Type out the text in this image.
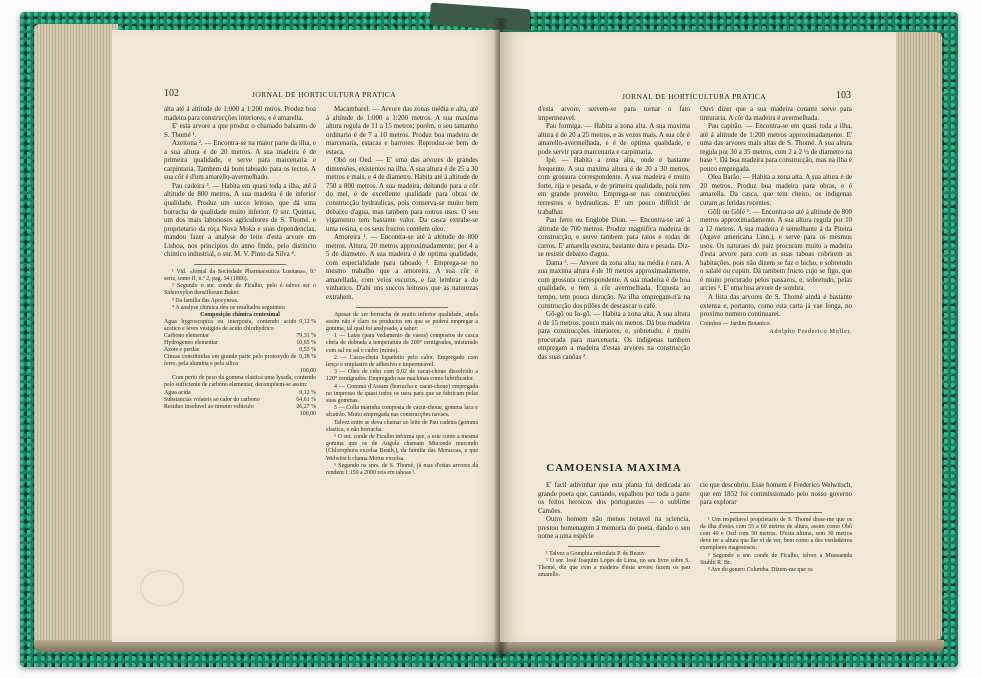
102	JORNAL DE HORTICULTURA PRATICA

alta até á altitude de 1:000 a 1:200 mtros. Produz boa madeira para construcções interiores, e é amarella.

E' esta arvore a que produz o chamado balsamo de S. Thomé ¹.

Azeitona ². — Encontra-se na maior parte da ilha, e a sua altura é de 20 metros. A sua madeira é de primeira qualidade, e serve para marcenaria e carpintaria. Tambem dá bom taboado para os tectos. A sua côr é d'um amarello-avermelhado.

Pau cadeira ³. — Habita em quasi toda a ilha, até á altitude de 800 metros. A sua madeira é de inferior qualidade. Produz um succo leitoso, que dá uma borracha de qualidade muito inferior. O snr. Quintas, um dos mais laboriosos agricultores de S. Thomé, e proprietario da roça Nova Moka e suas dependencias, mandou fazer a analyse do leite d'esta arvore em Lisboa, nos principios do anno findo, pelo distincto chimico industrial, o snr. M. V. Pinto da Silva ⁴.

¹ Vid. «Jornal da Sociedade Pharmaceutica Lusitana», 9.ª serie, tomo II, n.º 2, pag. 34 (1886).

² Segundo o snr. conde de Ficalho, pelo é talvez ser o Sideroxylon densiflorum Baker.

³ Da familia das Apocyneas.

⁴ A analyse chimica deu os resultados seguintes:

Composição chimica centesimal

Agua hygroscopica ou interposta, contendo acido acetico e leves vestigios de acido chlorhydrico	9,12 %
Carbono elementar	79,31 %
Hydrogeneo elementar	10,65 %
Azote e perdas	0,53 %
Cinzas constituidas em grande parte pelo protoxydo de ferro, pela alumina e pela silica	0,38 %
	100,00

Com perto de peso da gomma elastica uma lysada, contendo pelo sufficiente de carbono elementar, decompõem-se assim:

Agua acida	9,12 %
Substancias volateis ao calor do carbono	64,61 %
Residuo insoluvel ao mesmo vehiculo	26,27 %
	100,00

Macambarel. — Arvore das zonas média e alta, até á altitude de 1:000 a 1:200 metros. A sua maxima altura regula de 11 a 15 metros; porém, o seu tamanho ordinario é de 7 a 10 metros. Produz boa madeira de marcenaria, estacas e barrotes. Reproduz-se bem de estaca.

Obó ou Oed. — E' uma das arvores de grandes dimensões, existentes na ilha. A sua altura é de 25 a 30 metros e mais, e 4 de diametro. Habita até á altitude de 750 a 800 metros. A sua madeira, deitando para a côr do mel, é de excellente qualidade para obras de construcção hydraulicas, pois conserva-se muito bem debaixo d'agua, mas tambem para outros usos. O seu vigamento tem bastante valor. Da casca extrahe-se uma resina, e os seus fructos contêem oleo.

Amoreira ¹. — Encontra-se até á altitude de 800 metros. Altura, 20 metros approximadamente; por 4 a 5 de diametro. A sua madeira é de optima qualidade, com especialidade para taboado ². Emprega-se no mesmo trabalho que a amoreira. A sua côr é amarellada, com veios escuros, e faz lembrar a do vinhatico. D'ahi uns succos leitosos que as naturezas extrahem.

Apesar de ser borracha de muito inferior qualidade, ainda assim não é claro os productos em que se poderá empregar a gomma, tal qual foi analysada, a saber:

1 — Latas (para vedamento de vasos) compostos de casca cheia de dobrada a temperatura de 200° centigrados, misturado com sal ou sal e carbo (mínio).

2 — Casca-cheia liquefeito pelo calor. Empregado com lenço e emplastro de adhesivo e impermeavel.

3 — Oleo de cebo com 0,02 de cacut-choue dissolvido a 120° centigrados. Empregado nas machinas como lubrificador.

4 — Gomma d'Assam (borracha e cacut-choue) empregada no impresso de quasi todos os usos para que se fabricam pelas suas gommas.

5 — Colla marinha composta de cacut-choue, gomma laca e alcatrão. Muito empregada nas construcções navaes.

Talvez entre se deva chamar ao leite de Pau cadeira (gomma elastica, e não borracha.

⁵ O snr. conde de Ficalho informa que, a este como a mesma gomma que os de Angola chamam Mucondo mucondo (Chlorophora excelsa Benth.), da familia das Moraceas, e que Welwitsch chama Morus excelsa.

⁶ Segundo os snrs. de S. Thomé, já mas d'estas arvores dá rendem 1:150 a 2000 reis em taboas ¹.

JORNAL DE HORTICULTURA PRATICA	103

d'esta arvore, servem-se para tornar o fato impermeavel.

Pau formiga. — Habita a zona alta. A sua maxima altura é de 20 a 25 metros, e ás vezes mais. A sua côr é amarello-avermelhada, e é de optima qualidade, e pode servir para marcenaria e carpintaria.

Ipé. — Habita a zona alta, onde é bastante frequente. A sua maxima altura é de 20 a 30 metros, com grossura correspondente. A sua madeira é muito forte, rija e pesada, e de primeira qualidade, pois tem em grande proveito. Emprega-se nas construcções terrestres e hydraulicas. E' um pouco difficil de trabalhar.

Pau ferro ou Englobe Dion. — Encontra-se até á altitude de 700 metros. Produz magnifica madeira de construcção, e serve tambem para raios e rodas de carros. E' amarella escura, bastante dura e pesada. Diz-se resistir debaixo d'agua.

Dama ³. — Arvore da zona alta; na média é rara. A sua maxima altura é de 10 metros approximadamente, com grossura correspondente. A sua madeira é de boa qualidade, e tem a côr avermelhada. Exposta ao tempo, tem pouca duração. Na ilha empregam-n'a na construcção dos pilões de descascar o café.

Gô-gô ou Io-gô. — Habita a zona alta. A sua altura é de 15 metros, pouco mais ou menos. Dá boa madeira para construcções interiores, e, sobretudo, é muito procurada para marcenaria. Os indigenas tambem empregam a madeira d'estas arvores na construcção das suas canôas ³.

Ouvi dizer que a sua madeira corante serve para tinturaria. A côr da madeira é avermelhada.

Pau capitão. — Encontra-se em quasi toda a ilha, até á altitude de 1:200 metros approximadamente. E' uma das arvores mais altas de S. Thomé. A sua altura regula por 30 a 35 metros, com 2 a 2 ½ de diametro na base ¹. Dá boa madeira para construcção, mas na ilha é pouco empregada.

Olea Barão. — Habita a zona alta. A sua altura é de 20 metros. Produz boa madeira para obras, e é amarella. Da casca, que tem cheiro, os indigenas curam as feridas recentes.

Gôfi ou Gôfé ². — Encontra-se até á altitude de 800 metros approximadamente. A sua altura regula por 10 a 12 metros. A sua madeira é semelhante á da Piteira (Agave americana Linn.), e serve para os mesmos usos. Os naturaes do paiz procuram muito a madeira d'esta arvore para com as suas taboas cobrirem as habitações, pois não dizem se faz o bicho, e sobretudo o salalé ou cupim. Dá tambem fructo cujo se figo, que é muito procurado pelos passaros, e, sobretudo, pelas arcies ³. E' uma boa arvore de sombra.

A lista das arvores de S. Thomé ainda é bastante extensa e, portanto, como esta carta já vae longa, no proximo numero continuarei.

Coimbra — Jardim Botanico.

Adolpho Frederico Moller.
CAMOENSIA MAXIMA

E' facil adivinhar que esta planta foi dedicada ao grande poeta que, cantando, espalhou por toda a parte os feitos heroicos dos portuguezes — o sublime Camões.

Outro homem não menos notavel na sciencia, prestou homenagem á memoria do poeta, dando o seu nome a uma espécie

¹ Talvez a Gomphia reticulata P. de Beauv.

² O snr. José Joaquim Lopes de Lima, no seu livro sobre S. Thomé, diz que com a madeira d'esta arvore fazem os pau amarello.

cie que descobriu. Esse homem é Frederico Welwitsch, que em 1852 foi commissionado pelo nosso governo para explorar

¹ Um respeitavel proprietario de S. Thomé disse-me que os da ilha d'estes com 55 a 60 metros de altura, assim como Obô com 40 e Oed com 50 metros. D'esta ultima, sem 30 metros deve ter a altura que lhe vi de ver, bem como a des verdadeiros exemplares magestosos.

² Segundo o snr. conde de Ficalho, talvez a Mussaenda Stuhlii R. Br.

³ Ave do genero Columba. Dizem-me que os
